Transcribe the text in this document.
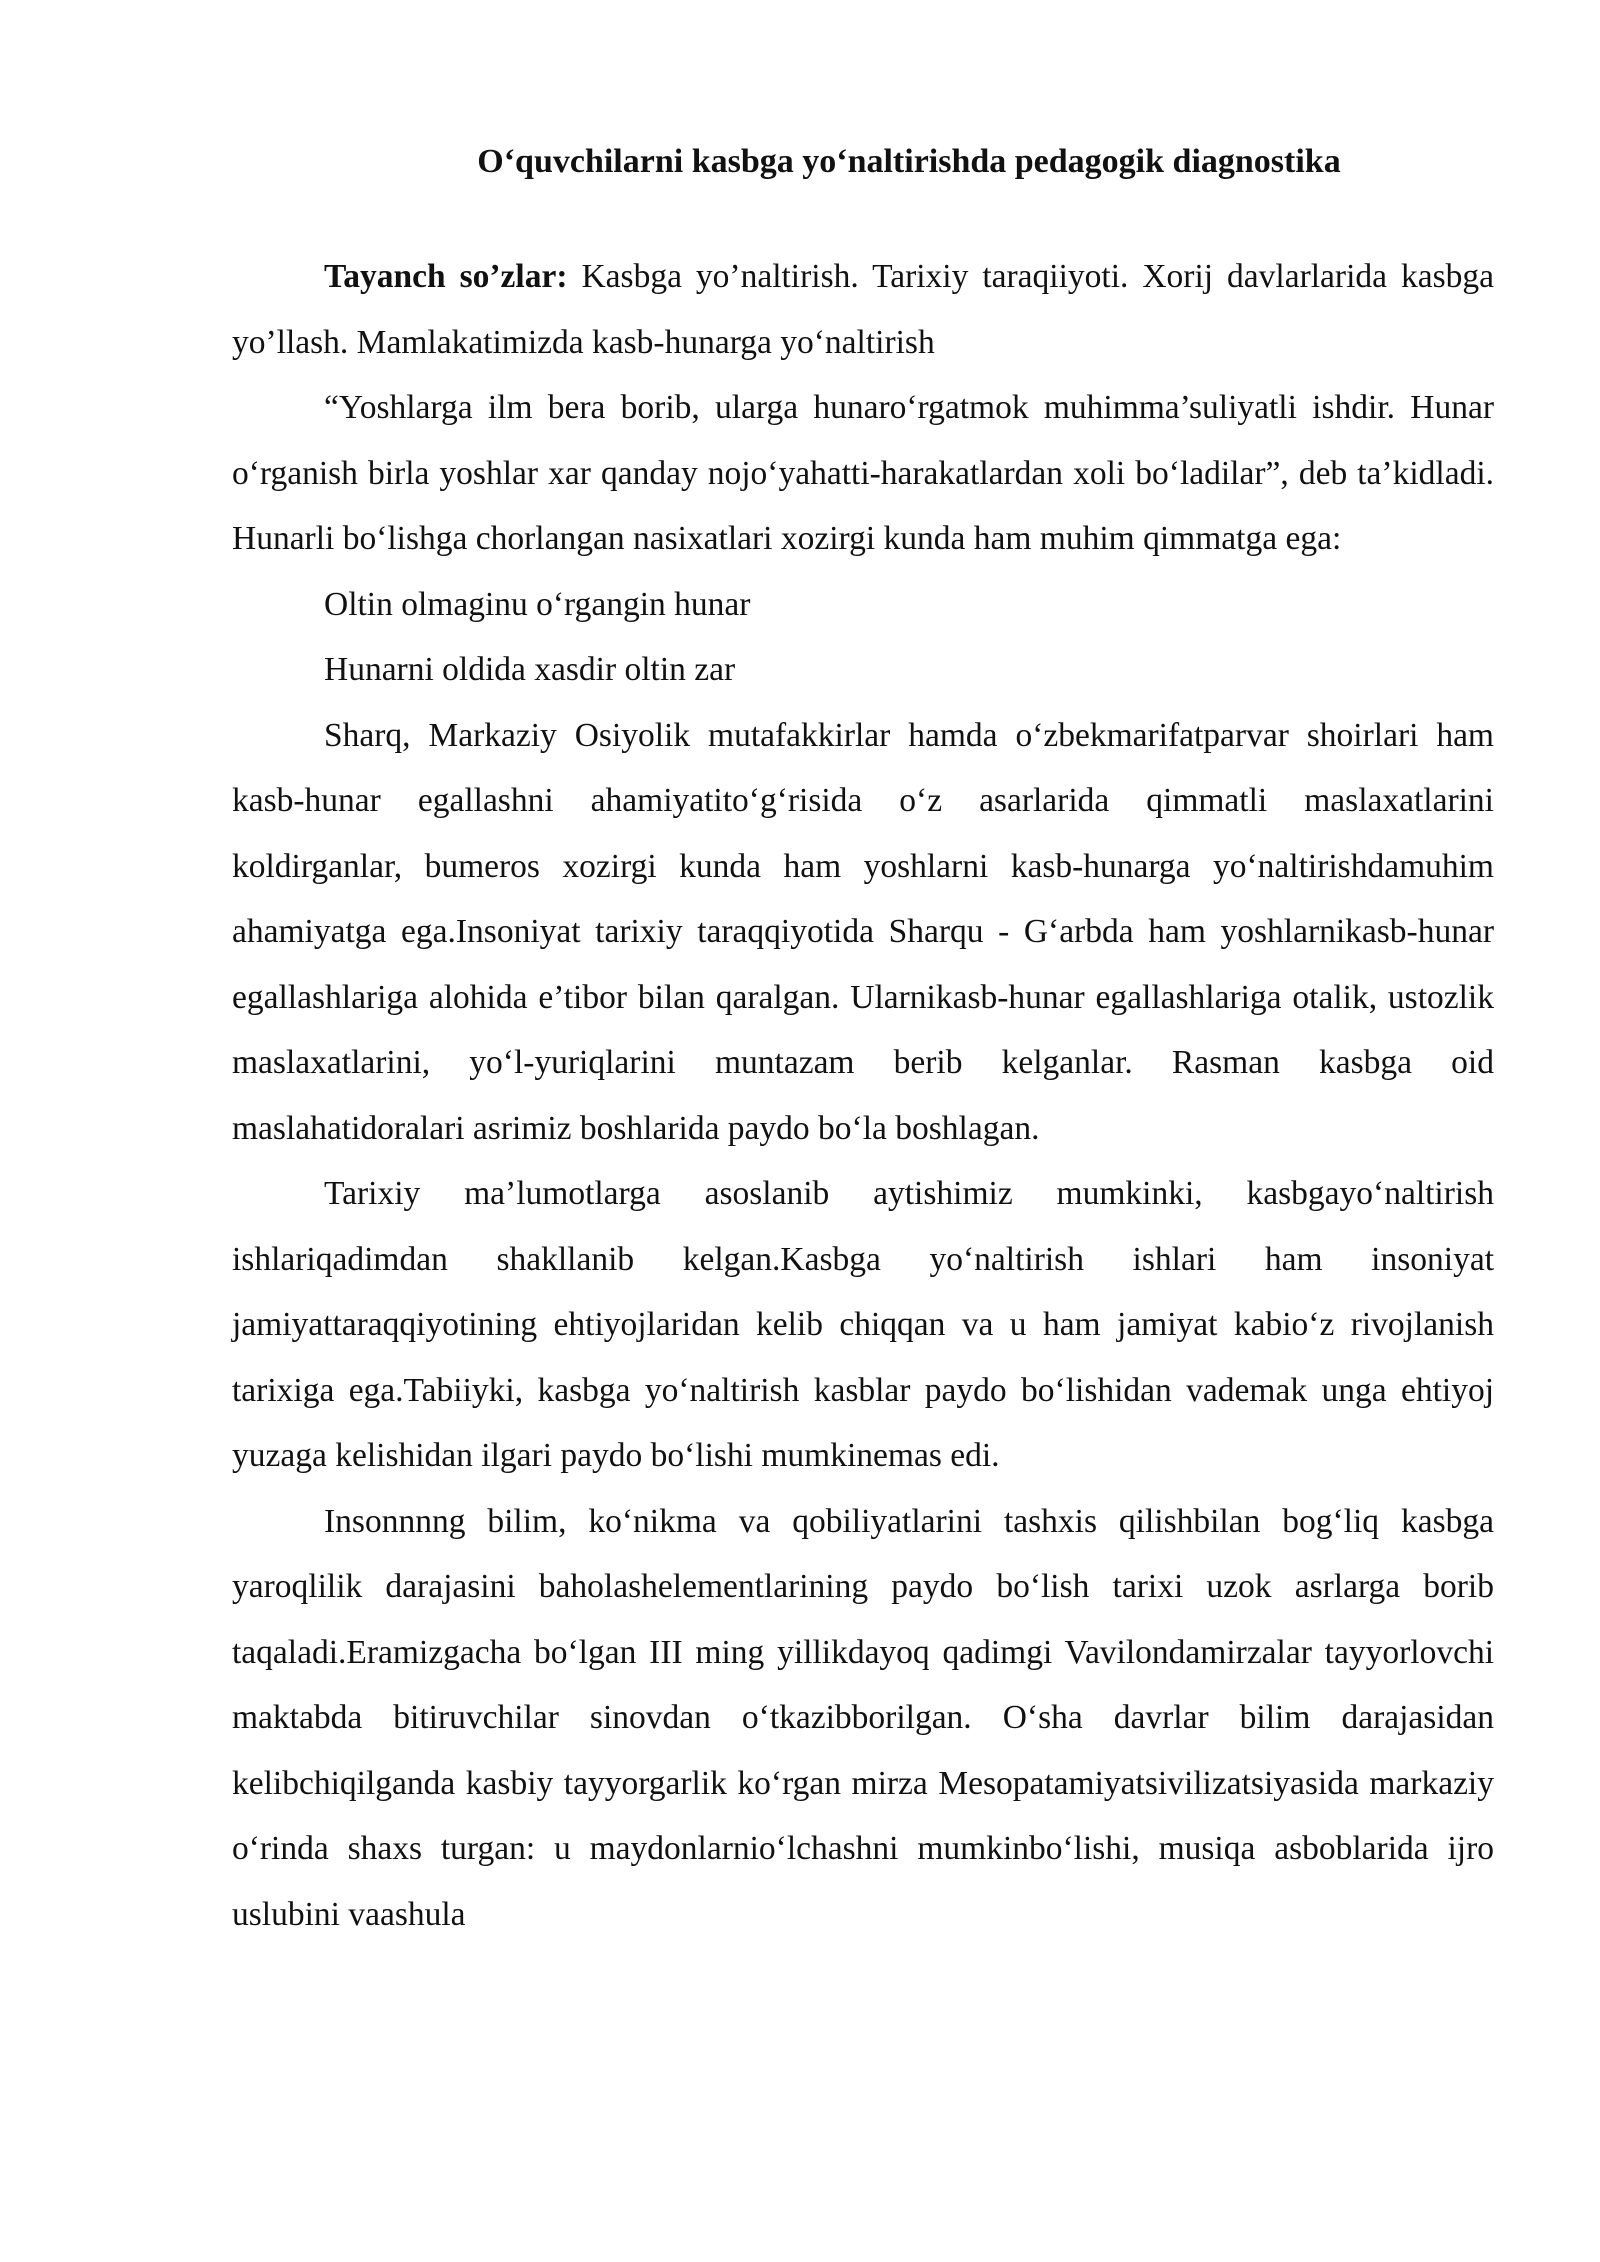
O‘quvchilarni kasbga yo‘naltirishda pedagogik diagnostika

Tayanch so’zlar: Kasbga yo’naltirish. Tarixiy taraqiiyoti. Xorij davlarlarida kasbga yo’llash. Mamlakatimizda kasb-hunarga yo‘naltirish

“Yoshlarga ilm bera borib, ularga hunaro‘rgatmok muhimma’suliyatli ishdir. Hunar o‘rganish birla yoshlar xar qanday nojo‘yahatti-harakatlardan xoli bo‘ladilar”, deb ta’kidladi. Hunarli bo‘lishga chorlangan nasixatlari xozirgi kunda ham muhim qimmatga ega:

Oltin olmaginu o‘rgangin hunar

Hunarni oldida xasdir oltin zar

Sharq, Markaziy Osiyolik mutafakkirlar hamda o‘zbekmarifatparvar shoirlari ham kasb-hunar egallashni ahamiyatito‘g‘risida o‘z asarlarida qimmatli maslaxatlarini koldirganlar, bumeros xozirgi kunda ham yoshlarni kasb-hunarga yo‘naltirishdamuhim ahamiyatga ega.Insoniyat tarixiy taraqqiyotida Sharqu - G‘arbda ham yoshlarnikasb-hunar egallashlariga alohida e’tibor bilan qaralgan. Ularnikasb-hunar egallashlariga otalik, ustozlik maslaxatlarini, yo‘l-yuriqlarini muntazam berib kelganlar. Rasman kasbga oid maslahatidoralari asrimiz boshlarida paydo bo‘la boshlagan.

Tarixiy ma’lumotlarga asoslanib aytishimiz mumkinki, kasbgayo‘naltirish ishlariqadimdan shakllanib kelgan.Kasbga yo‘naltirish ishlari ham insoniyat jamiyattaraqqiyotining ehtiyojlaridan kelib chiqqan va u ham jamiyat kabio‘z rivojlanish tarixiga ega.Tabiiyki, kasbga yo‘naltirish kasblar paydo bo‘lishidan vademak unga ehtiyoj yuzaga kelishidan ilgari paydo bo‘lishi mumkinemas edi.

Insonnnng bilim, ko‘nikma va qobiliyatlarini tashxis qilishbilan bog‘liq kasbga yaroqlilik darajasini baholashelementlarining paydo bo‘lish tarixi uzok asrlarga borib taqaladi.Eramizgacha bo‘lgan III ming yillikdayoq qadimgi Vavilondamirzalar tayyorlovchi maktabda bitiruvchilar sinovdan o‘tkazibborilgan. O‘sha davrlar bilim darajasidan kelibchiqilganda kasbiy tayyorgarlik ko‘rgan mirza Mesopatamiyatsivilizatsiyasida markaziy o‘rinda shaxs turgan: u maydonlarnio‘lchashni mumkinbo‘lishi, musiqa asboblarida ijro uslubini vaashula
